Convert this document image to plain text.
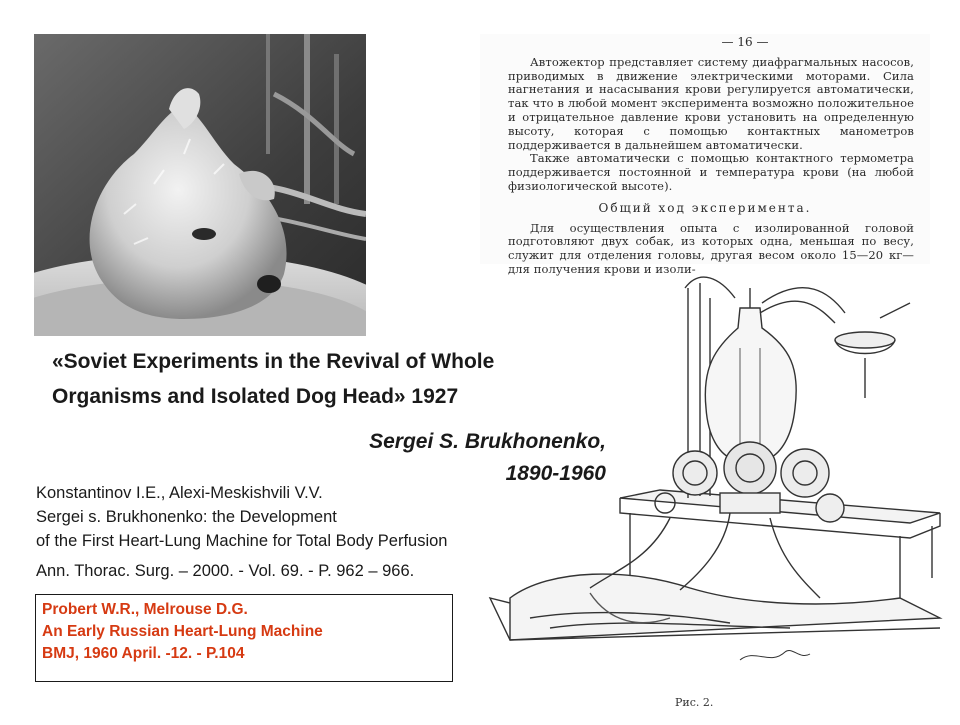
— 16 —

Автожектор представляет систему диафрагмальных насосов, приводимых в движение электрическими моторами. Сила нагнетания и насасывания крови регулируется автоматически, так что в любой момент эксперимента возможно положительное и отрицательное давление крови установить на определенную высоту, которая с помощью контактных манометров поддерживается в дальнейшем автоматически.

Также автоматически с помощью контактного термометра поддерживается постоянной и температура крови (на любой физиологической высоте).

Общий ход эксперимента.

Для осуществления опыта с изолированной головой подготовляют двух собак, из которых одна, меньшая по весу, служит для отделения головы, другая весом около 15—20 кг—для получения крови и изоли-

Рис. 2.
«Soviet Experiments in the Revival of Whole
Organisms and Isolated Dog Head» 1927
Sergei S. Brukhonenko,
1890-1960
Konstantinov I.E., Alexi-Meskishvili V.V.
Sergei s. Brukhonenko: the Development
of the First Heart-Lung Machine for Total Body Perfusion
Ann. Thorac. Surg. – 2000. - Vol. 69. - P. 962 – 966.
Probert W.R., Melrouse D.G.
An Early Russian Heart-Lung Machine
BMJ, 1960 April. -12. - P.104
